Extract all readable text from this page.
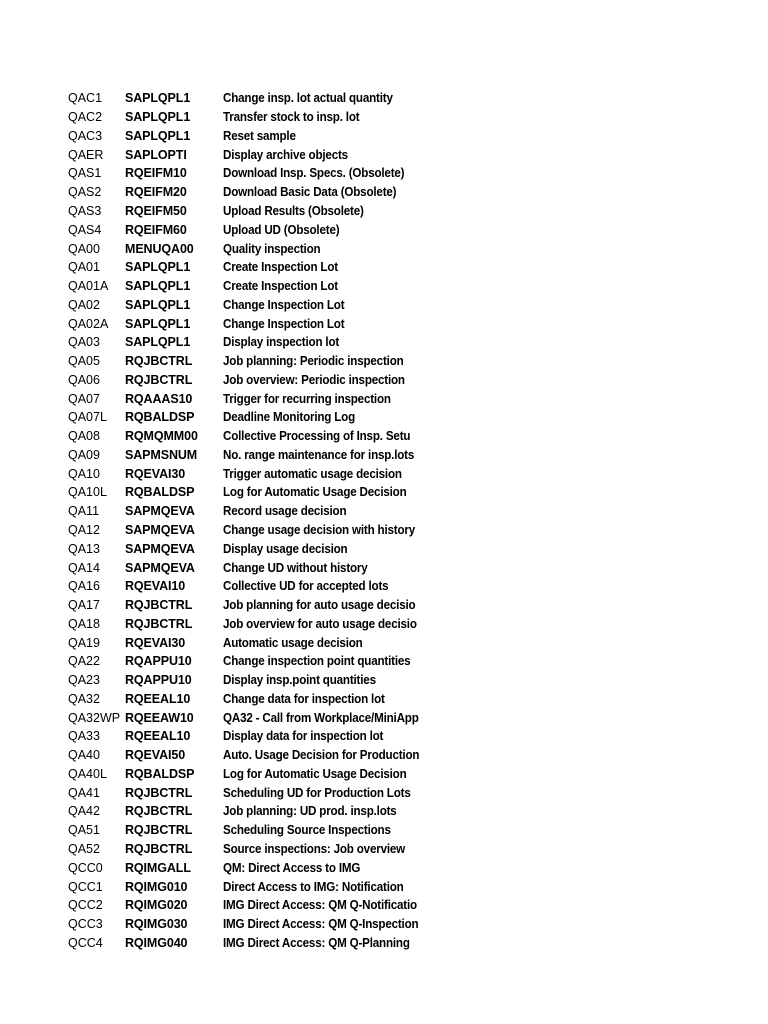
QAC1	SAPLQPL1	Change insp. lot actual quantity
QAC2	SAPLQPL1	Transfer stock to insp. lot
QAC3	SAPLQPL1	Reset sample
QAER	SAPLOPTI	Display archive objects
QAS1	RQEIFM10	Download Insp. Specs. (Obsolete)
QAS2	RQEIFM20	Download Basic Data (Obsolete)
QAS3	RQEIFM50	Upload Results (Obsolete)
QAS4	RQEIFM60	Upload UD (Obsolete)
QA00	MENUQA00	Quality inspection
QA01	SAPLQPL1	Create Inspection Lot
QA01A	SAPLQPL1	Create Inspection Lot
QA02	SAPLQPL1	Change Inspection Lot
QA02A	SAPLQPL1	Change Inspection Lot
QA03	SAPLQPL1	Display inspection lot
QA05	RQJBCTRL	Job planning: Periodic inspection
QA06	RQJBCTRL	Job overview: Periodic inspection
QA07	RQAAAS10	Trigger for recurring inspection
QA07L	RQBALDSP	Deadline Monitoring Log
QA08	RQMQMM00	Collective Processing of Insp. Setu
QA09	SAPMSNUM	No. range maintenance for insp.lots
QA10	RQEVAI30	Trigger automatic usage decision
QA10L	RQBALDSP	Log for Automatic Usage Decision
QA11	SAPMQEVA	Record usage decision
QA12	SAPMQEVA	Change usage decision with history
QA13	SAPMQEVA	Display usage decision
QA14	SAPMQEVA	Change UD without history
QA16	RQEVAI10	Collective UD for accepted lots
QA17	RQJBCTRL	Job planning for auto usage decisio
QA18	RQJBCTRL	Job overview for auto usage decisio
QA19	RQEVAI30	Automatic usage decision
QA22	RQAPPU10	Change inspection point quantities
QA23	RQAPPU10	Display insp.point quantities
QA32	RQEEAL10	Change data for inspection lot
QA32WP RQEEAW10	QA32 - Call from Workplace/MiniApp
QA33	RQEEAL10	Display data for inspection lot
QA40	RQEVAI50	Auto. Usage Decision for Production
QA40L	RQBALDSP	Log for Automatic Usage Decision
QA41	RQJBCTRL	Scheduling UD for Production Lots
QA42	RQJBCTRL	Job planning: UD prod. insp.lots
QA51	RQJBCTRL	Scheduling Source Inspections
QA52	RQJBCTRL	Source inspections: Job overview
QCC0	RQIMGALL	QM: Direct Access to IMG
QCC1	RQIMG010	Direct Access to IMG: Notification
QCC2	RQIMG020	IMG Direct Access: QM Q-Notificatio
QCC3	RQIMG030	IMG Direct Access: QM Q-Inspection
QCC4	RQIMG040	IMG Direct Access: QM Q-Planning
